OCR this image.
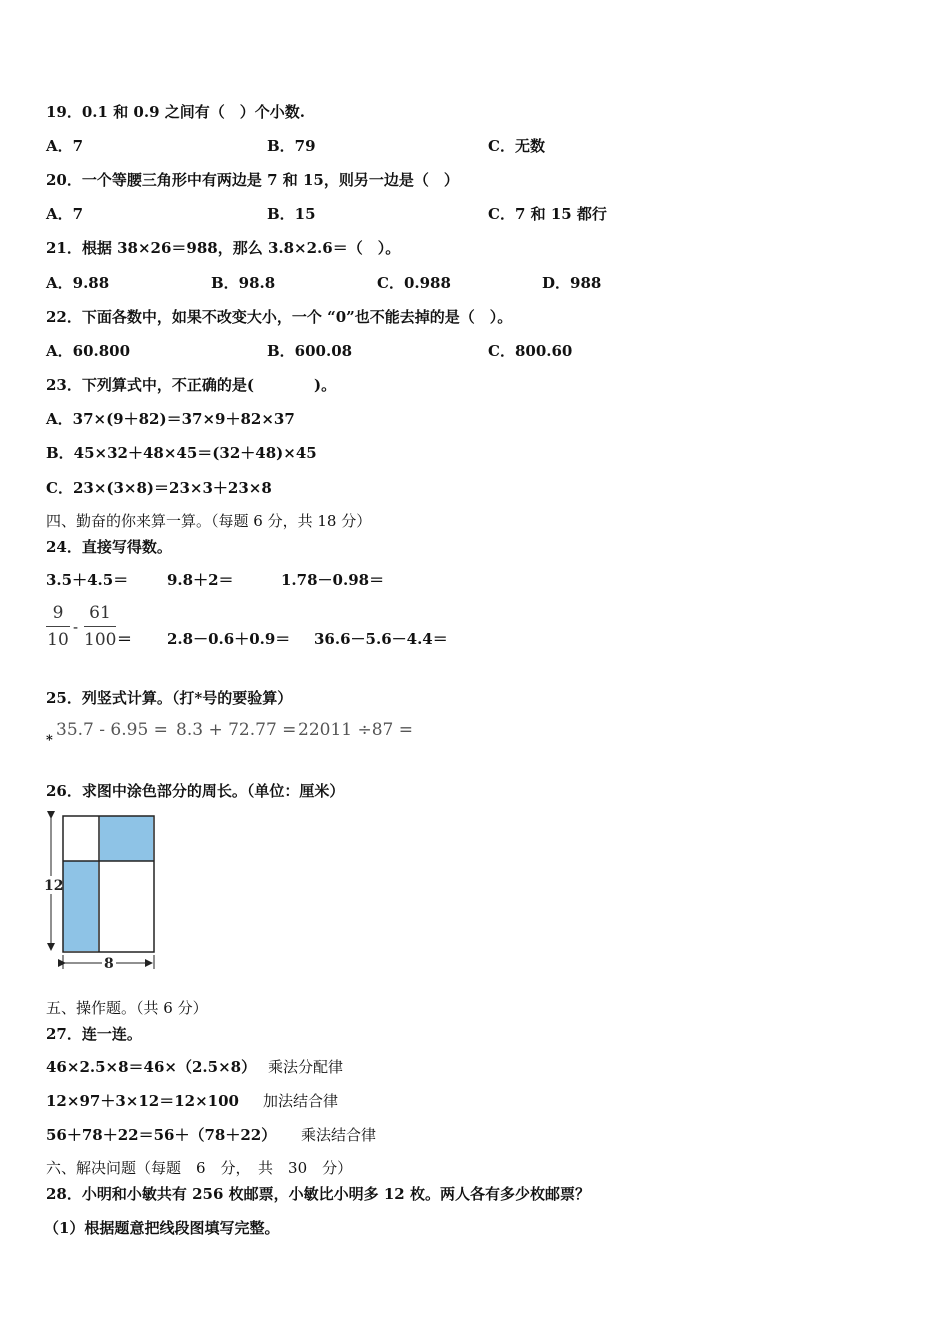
19．0.1 和 0.9 之间有（　）个小数.
A．7	B．79	C．无数
20．一个等腰三角形中有两边是 7 和 15，则另一边是（　）
A．7	B．15	C．7 和 15 都行
21．根据 38×26＝988，那么 3.8×2.6＝（　）。
A．9.88	B．98.8	C．0.988	D．988
22．下面各数中，如果不改变大小，一个 “0”也不能去掉的是（　）。
A．60.800	B．600.08	C．800.60
23．下列算式中，不正确的是(　　　　)。
A．37×(9＋82)＝37×9＋82×37
B．45×32＋48×45＝(32＋48)×45
C．23×(3×8)＝23×3＋23×8
四、勤奋的你来算一算。（每题 6 分，共 18 分）
24．直接写得数。
3.5＋4.5＝	9.8＋2＝	1.78－0.98＝
9
10
-
61
100 ＝ 2.8－0.6＋0.9＝ 36.6－5.6－4.4＝
25．列竖式计算。（打*号的要验算）
*
35.7 - 6.95 = 8.3 + 72.77 = 22011 ÷87 =
26．求图中涂色部分的周长。（单位：厘米）
12
8
五、操作题。（共 6 分）
27．连一连。
46×2.5×8＝46×（2.5×8） 乘法分配律
12×97＋3×12＝12×100 加法结合律
56＋78＋22＝56＋（78＋22） 乘法结合律
六、解决问题（每题　6　分，　共　30　分）
28．小明和小敏共有 256 枚邮票，小敏比小明多 12 枚。两人各有多少枚邮票？
（1）根据题意把线段图填写完整。
